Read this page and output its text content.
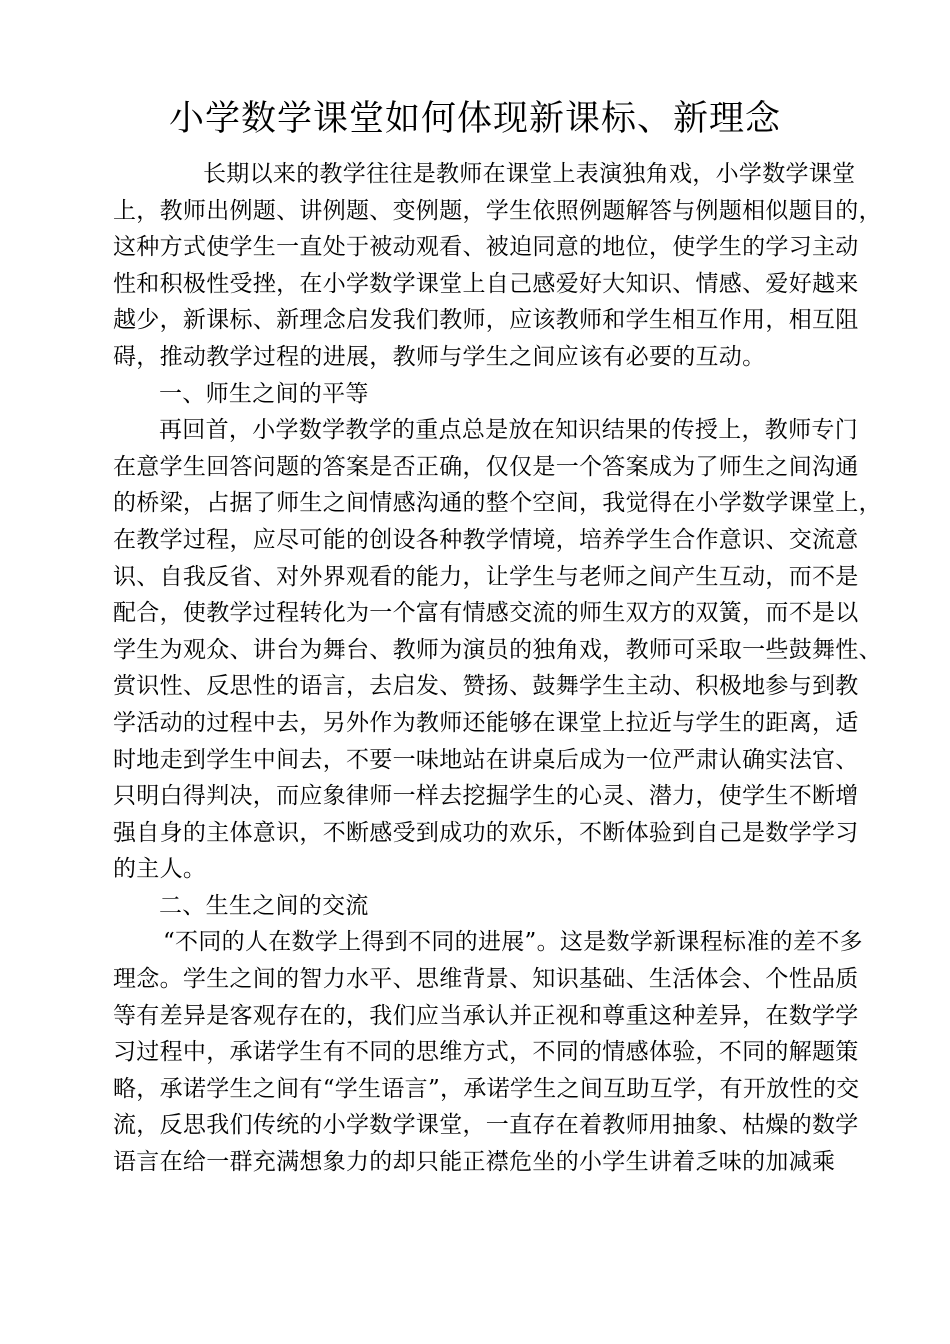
小学数学课堂如何体现新课标、新理念
长期以来的教学往往是教师在课堂上表演独角戏，小学数学课堂
上，教师出例题、讲例题、变例题，学生依照例题解答与例题相似题目的，
这种方式使学生一直处于被动观看、被迫同意的地位，使学生的学习主动
性和积极性受挫，在小学数学课堂上自己感爱好大知识、情感、爱好越来
越少，新课标、新理念启发我们教师，应该教师和学生相互作用，相互阻
碍，推动教学过程的进展，教师与学生之间应该有必要的互动。
一、师生之间的平等
再回首，小学数学教学的重点总是放在知识结果的传授上，教师专门
在意学生回答问题的答案是否正确，仅仅是一个答案成为了师生之间沟通
的桥梁，占据了师生之间情感沟通的整个空间，我觉得在小学数学课堂上，
在教学过程，应尽可能的创设各种教学情境，培养学生合作意识、交流意
识、自我反省、对外界观看的能力，让学生与老师之间产生互动，而不是
配合，使教学过程转化为一个富有情感交流的师生双方的双簧，而不是以
学生为观众、讲台为舞台、教师为演员的独角戏，教师可采取一些鼓舞性、
赏识性、反思性的语言，去启发、赞扬、鼓舞学生主动、积极地参与到教
学活动的过程中去，另外作为教师还能够在课堂上拉近与学生的距离，适
时地走到学生中间去，不要一味地站在讲桌后成为一位严肃认确实法官、
只明白得判决，而应象律师一样去挖掘学生的心灵、潜力，使学生不断增
强自身的主体意识，不断感受到成功的欢乐，不断体验到自己是数学学习
的主人。
二、生生之间的交流
“不同的人在数学上得到不同的进展”。这是数学新课程标准的差不多
理念。学生之间的智力水平、思维背景、知识基础、生活体会、个性品质
等有差异是客观存在的，我们应当承认并正视和尊重这种差异，在数学学
习过程中，承诺学生有不同的思维方式，不同的情感体验，不同的解题策
略，承诺学生之间有“学生语言”，承诺学生之间互助互学，有开放性的交
流，反思我们传统的小学数学课堂，一直存在着教师用抽象、枯燥的数学
语言在给一群充满想象力的却只能正襟危坐的小学生讲着乏味的加减乘
